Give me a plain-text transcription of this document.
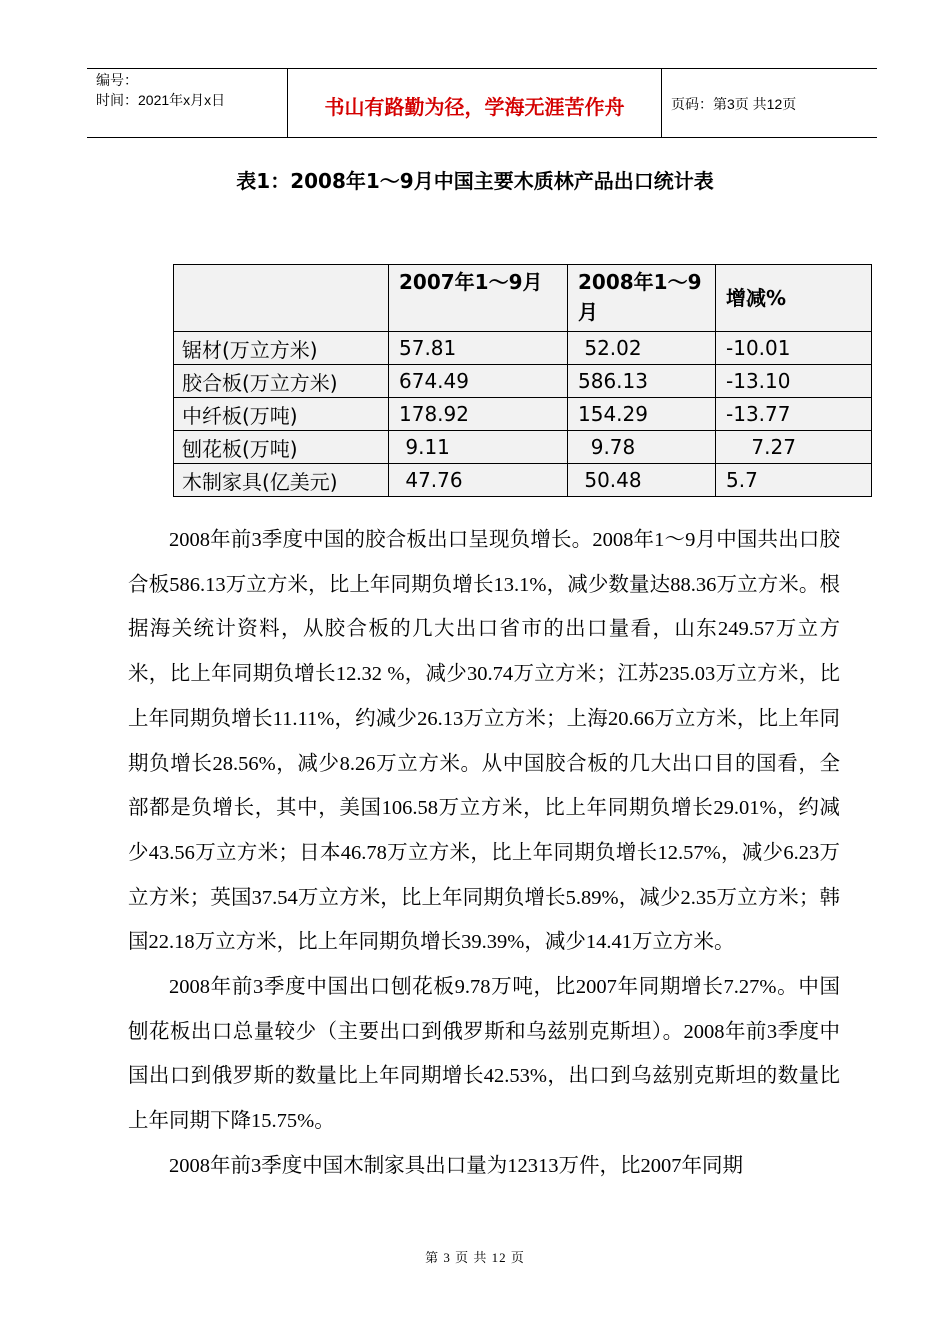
编号：
时间：2021年x月x日	书山有路勤为径，学海无涯苦作舟	页码：第3页 共12页
表1：2008年1～9月中国主要木质林产品出口统计表
	2007年1～9月	2008年1～9月	增减%
锯材(万立方米)	57.81	52.02	-10.01
胶合板(万立方米)	674.49	586.13	-13.10
中纤板(万吨)	178.92	154.29	-13.77
刨花板(万吨)	9.11	9.78	7.27
木制家具(亿美元)	47.76	50.48	5.7

2008年前3季度中国的胶合板出口呈现负增长。2008年1～9月中国共出口胶合板586.13万立方米，比上年同期负增长13.1%，减少数量达88.36万立方米。根据海关统计资料，从胶合板的几大出口省市的出口量看，山东249.57万立方米，比上年同期负增长12.32 %，减少30.74万立方米；江苏235.03万立方米，比上年同期负增长11.11%，约减少26.13万立方米；上海20.66万立方米，比上年同期负增长28.56%，减少8.26万立方米。从中国胶合板的几大出口目的国看，全部都是负增长，其中，美国106.58万立方米，比上年同期负增长29.01%，约减少43.56万立方米；日本46.78万立方米，比上年同期负增长12.57%，减少6.23万立方米；英国37.54万立方米，比上年同期负增长5.89%，减少2.35万立方米；韩国22.18万立方米，比上年同期负增长39.39%，减少14.41万立方米。

2008年前3季度中国出口刨花板9.78万吨，比2007年同期增长7.27%。中国刨花板出口总量较少（主要出口到俄罗斯和乌兹别克斯坦）。2008年前3季度中国出口到俄罗斯的数量比上年同期增长42.53%，出口到乌兹别克斯坦的数量比上年同期下降15.75%。

2008年前3季度中国木制家具出口量为12313万件，比2007年同期

第 3 页 共 12 页
